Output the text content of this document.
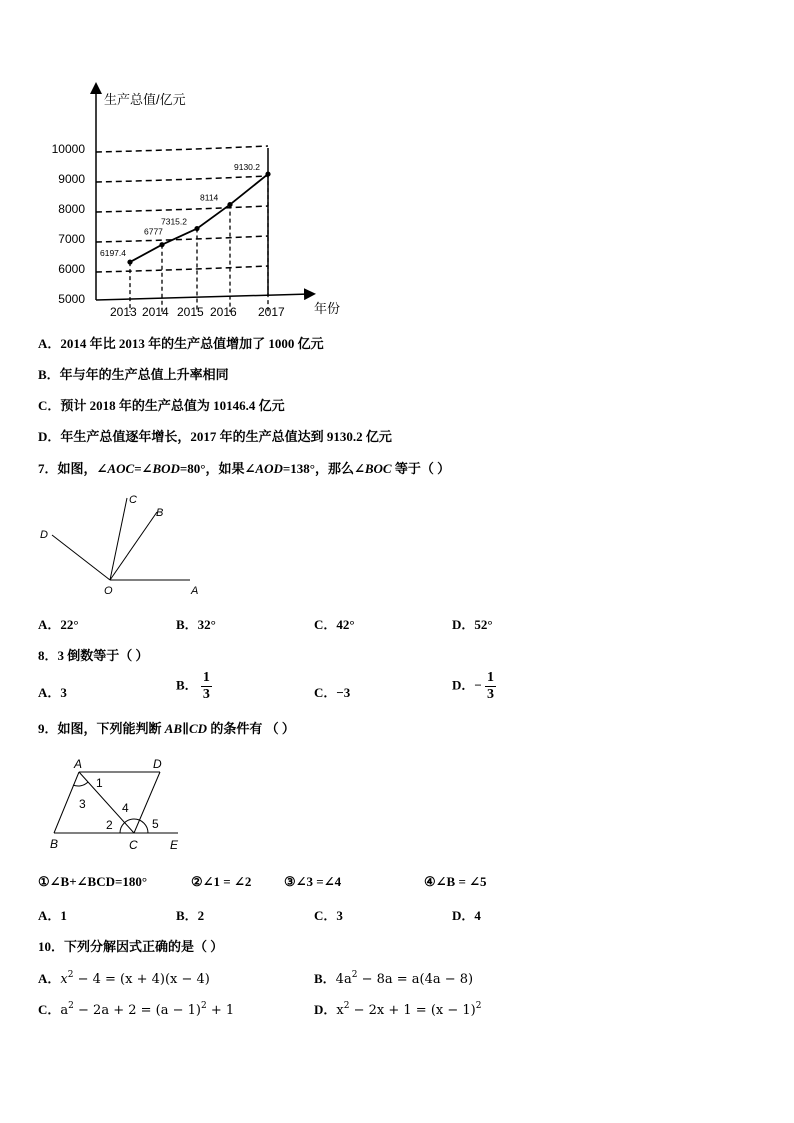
生产总值/亿元
年份
5000
6000
7000
8000
9000
10000
2013 2014 2015 2016 2017
6197.4
6777
7315.2
8114
9130.2
A．2014 年比 2013 年的生产总值增加了 1000 亿元
B．年与年的生产总值上升率相同
C．预计 2018 年的生产总值为 10146.4 亿元
D．年生产总值逐年增长，2017 年的生产总值达到 9130.2 亿元
7．如图，∠AOC=∠BOD=80°，如果∠AOD=138°，那么∠BOC 等于（ ）
D
C
B
O	A
A．22°	B．32°	C．42°	D．52°
8．3 倒数等于（ ）
A．3
B． $\frac{1}{3}$	C．−3
D．− $\frac{1}{3}$
9．如图，下列能判断 AB∥CD 的条件有 （ ）
A	D
B	C	E
1
3	4
2	5
①∠B+∠BCD=180°	②∠1 = ∠2	③∠3 =∠4	④∠B = ∠5
A．1	B．2	C．3	D．4
10．下列分解因式正确的是（ ）
A．$x^2 - 4 = (x + 4)(x - 4)$	B．$4a^2 - 8a = a(4a - 8)$
C．$a^2 - 2a + 2 = (a - 1)^2 + 1$	D．$x^2 - 2x + 1 = (x - 1)^2$
